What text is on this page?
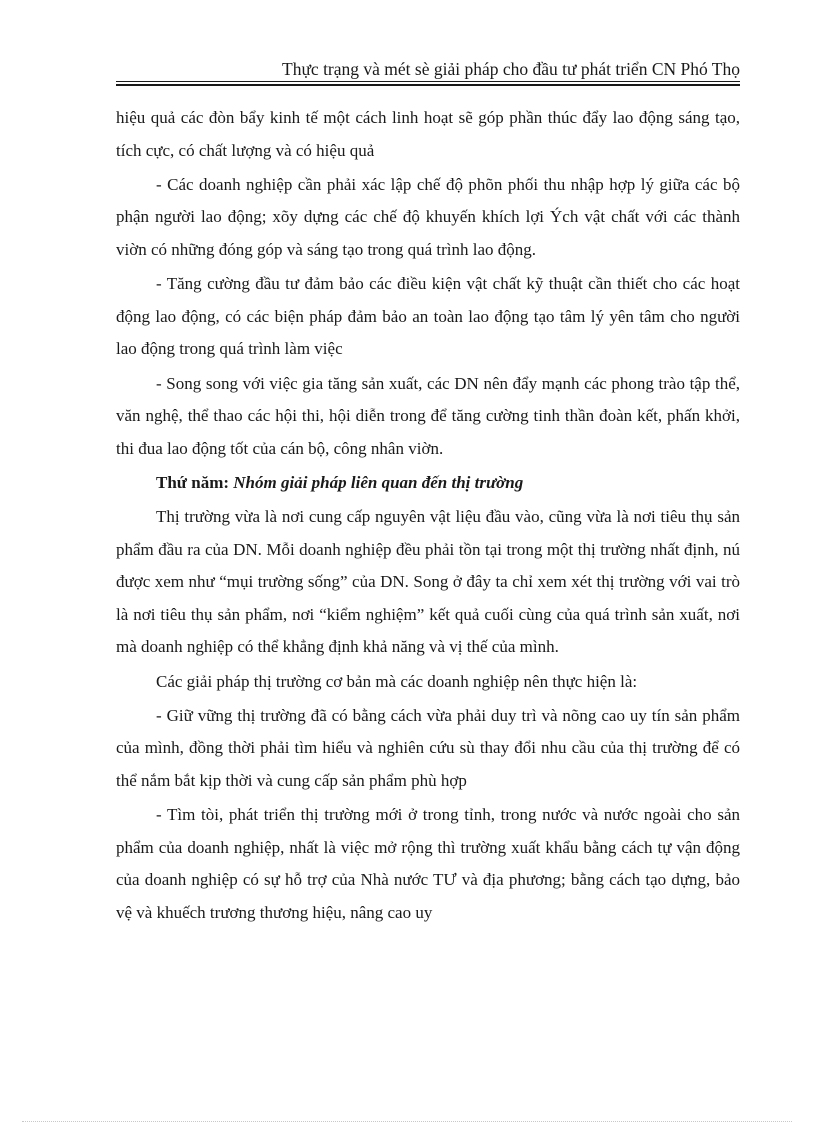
Thực trạng và mét sè giải pháp cho đầu tư phát triển CN Phó Thọ

hiệu quả các đòn bẩy kinh tế một cách linh hoạt sẽ góp phần thúc đẩy lao động sáng tạo, tích cực, có chất lượng và có hiệu quả

- Các doanh nghiệp cần phải xác lập chế độ phõn phối thu nhập hợp lý giữa các bộ phận người lao động; xõy dựng các chế độ khuyến khích lợi Ých vật chất với các thành viờn có những đóng góp và sáng tạo trong quá trình lao động.

- Tăng cường đầu tư đảm bảo các điều kiện vật chất kỹ thuật cần thiết cho các hoạt động lao động, có các biện pháp đảm bảo an toàn lao động tạo tâm lý yên tâm cho người lao động trong quá trình làm việc

- Song song với việc gia tăng sản xuất, các DN nên đẩy mạnh các phong trào tập thể, văn nghệ, thể thao các hội thi, hội diễn trong để tăng cường tinh thần đoàn kết, phấn khởi, thi đua lao động tốt của cán bộ, công nhân viờn.

Thứ năm: Nhóm giải pháp liên quan đến thị trường

Thị trường vừa là nơi cung cấp nguyên vật liệu đầu vào, cũng vừa là nơi tiêu thụ sản phẩm đầu ra của DN. Mỗi doanh nghiệp đều phải tồn tại trong một thị trường nhất định, nú được xem như “mụi trường sống” của DN. Song ở đây ta chỉ xem xét thị trường với vai trò là nơi tiêu thụ sản phẩm, nơi “kiểm nghiệm” kết quả cuối cùng của quá trình sản xuất, nơi mà doanh nghiệp có thể khẳng định khả năng và vị thế của mình.

Các giải pháp thị trường cơ bản mà các doanh nghiệp nên thực hiện là:

- Giữ vững thị trường đã có bằng cách vừa phải duy trì và nõng cao uy tín sản phẩm của mình, đồng thời phải tìm hiểu và nghiên cứu sù thay đổi nhu cầu của thị trường để có thể nắm bắt kịp thời và cung cấp sản phẩm phù hợp

- Tìm tòi, phát triển thị trường mới ở trong tỉnh, trong nước và nước ngoài cho sản phẩm của doanh nghiệp, nhất là việc mở rộng thì trường xuất khẩu bằng cách tự vận động của doanh nghiệp có sự hỗ trợ của Nhà nước TƯ và địa phương; bằng cách tạo dựng, bảo vệ và khuếch trương thương hiệu, nâng cao uy
